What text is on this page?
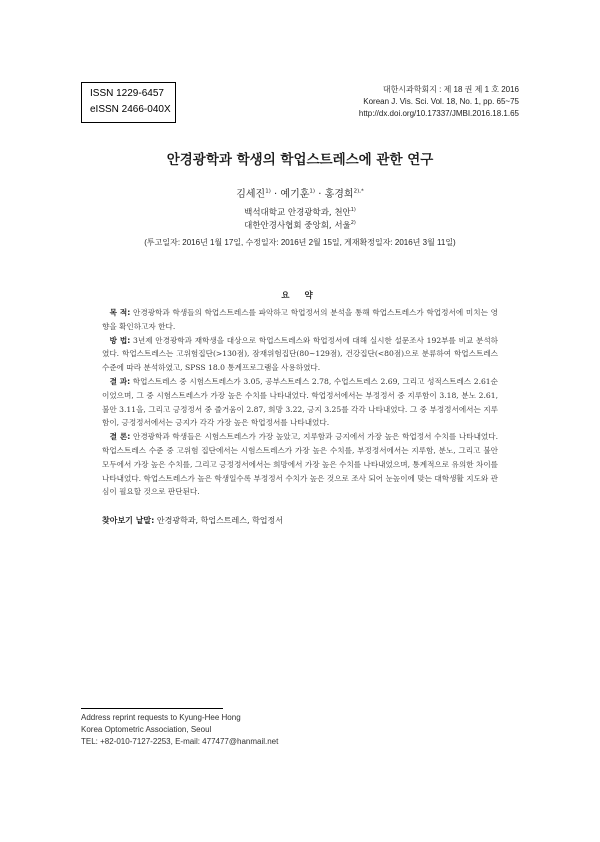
ISSN 1229-6457
eISSN 2466-040X
대한시과학회지 : 제 18 권 제 1 호 2016
Korean J. Vis. Sci. Vol. 18, No. 1, pp. 65~75
http://dx.doi.org/10.17337/JMBI.2016.18.1.65
안경광학과 학생의 학업스트레스에 관한 연구
김세진$^{1)}$ · 예기훈$^{1)}$ · 홍경희$^{2),*}$
백석대학교 안경광학과, 천안$^{1)}$
대한안경사협회 중앙회, 서울$^{2)}$
(투고일자: 2016년 1월 17일, 수정일자: 2016년 2월 15일, 게재확정일자: 2016년 3월 11일)
요 약

목 적: 안경광학과 학생들의 학업스트레스를 파악하고 학업정서의 분석을 통해 학업스트레스가 학업정서에 미치는 영향을 확인하고자 한다.

방 법: 3년제 안경광학과 재학생을 대상으로 학업스트레스와 학업정서에 대해 실시한 설문조사 192부를 비교 분석하였다. 학업스트레스는 고위험집단(>130점), 잠재위험집단(80~129점), 건강집단(<80점)으로 분류하여 학업스트레스 수준에 따라 분석하였고, SPSS 18.0 통계프로그램을 사용하였다.

결 과: 학업스트레스 중 시험스트레스가 3.05, 공부스트레스 2.78, 수업스트레스 2.69, 그리고 성적스트레스 2.61순 이었으며, 그 중 시험스트레스가 가장 높은 수치를 나타내었다. 학업정서에서는 부정정서 중 지루함이 3.18, 분노 2.61, 불안 3.11을, 그리고 긍정정서 중 즐거움이 2.87, 희망 3.22, 긍지 3.25를 각각 나타내었다. 그 중 부정정서에서는 지루함이, 긍정정서에서는 긍지가 각각 가장 높은 학업정서를 나타내었다.

결 론: 안경광학과 학생들은 시험스트레스가 가장 높았고, 지루함과 긍지에서 가장 높은 학업정서 수치를 나타내었다. 학업스트레스 수준 중 고위험 집단에서는 시험스트레스가 가장 높은 수치를, 부정정서에서는 지루함, 분노, 그리고 불안 모두에서 가장 높은 수치를, 그리고 긍정정서에서는 희망에서 가장 높은 수치를 나타내었으며, 통계적으로 유의한 차이를 나타내었다. 학업스트레스가 높은 학생일수록 부정정서 수치가 높은 것으로 조사 되어 눈높이에 맞는 대학생활 지도와 관심이 필요할 것으로 판단된다.

찾아보기 낱말: 안경광학과, 학업스트레스, 학업정서
Address reprint requests to Kyung-Hee Hong
Korea Optometric Association, Seoul
TEL: +82-010-7127-2253, E-mail: 477477@hanmail.net
